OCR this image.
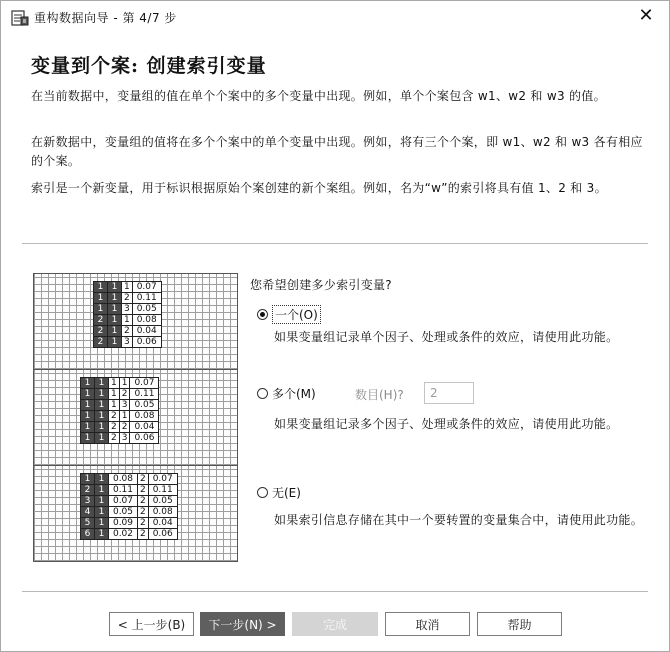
重构数据向导 - 第 4/7 步	✕
变量到个案: 创建索引变量
在当前数据中，变量组的值在单个个案中的多个变量中出现。例如，单个个案包含 w1、w2 和 w3 的值。
在新数据中，变量组的值将在多个个案中的单个变量中出现。例如，将有三个个案，即 w1、w2 和 w3 各有相应的个案。
索引是一个新变量，用于标识根据原始个案创建的新个案组。例如，名为“w”的索引将具有值 1、2 和 3。
1	1	1	0.07
1	1	2	0.11
1	1	3	0.05
2	1	1	0.08
2	1	2	0.04
2	1	3	0.06
1	1	1	1	0.07
1	1	1	2	0.11
1	1	1	3	0.05
1	1	2	1	0.08
1	1	2	2	0.04
1	1	2	3	0.06
1	1	0.08	2	0.07
2	1	0.11	2	0.11
3	1	0.07	2	0.05
4	1	0.05	2	0.08
5	1	0.09	2	0.04
6	1	0.02	2	0.06
您希望创建多少索引变量?
一个(O)
如果变量组记录单个因子、处理或条件的效应，请使用此功能。
多个(M)	数目(H)?	2
如果变量组记录多个因子、处理或条件的效应，请使用此功能。
无(E)
如果索引信息存储在其中一个要转置的变量集合中，请使用此功能。
< 上一步(B)	下一步(N) >	完成	取消	帮助
